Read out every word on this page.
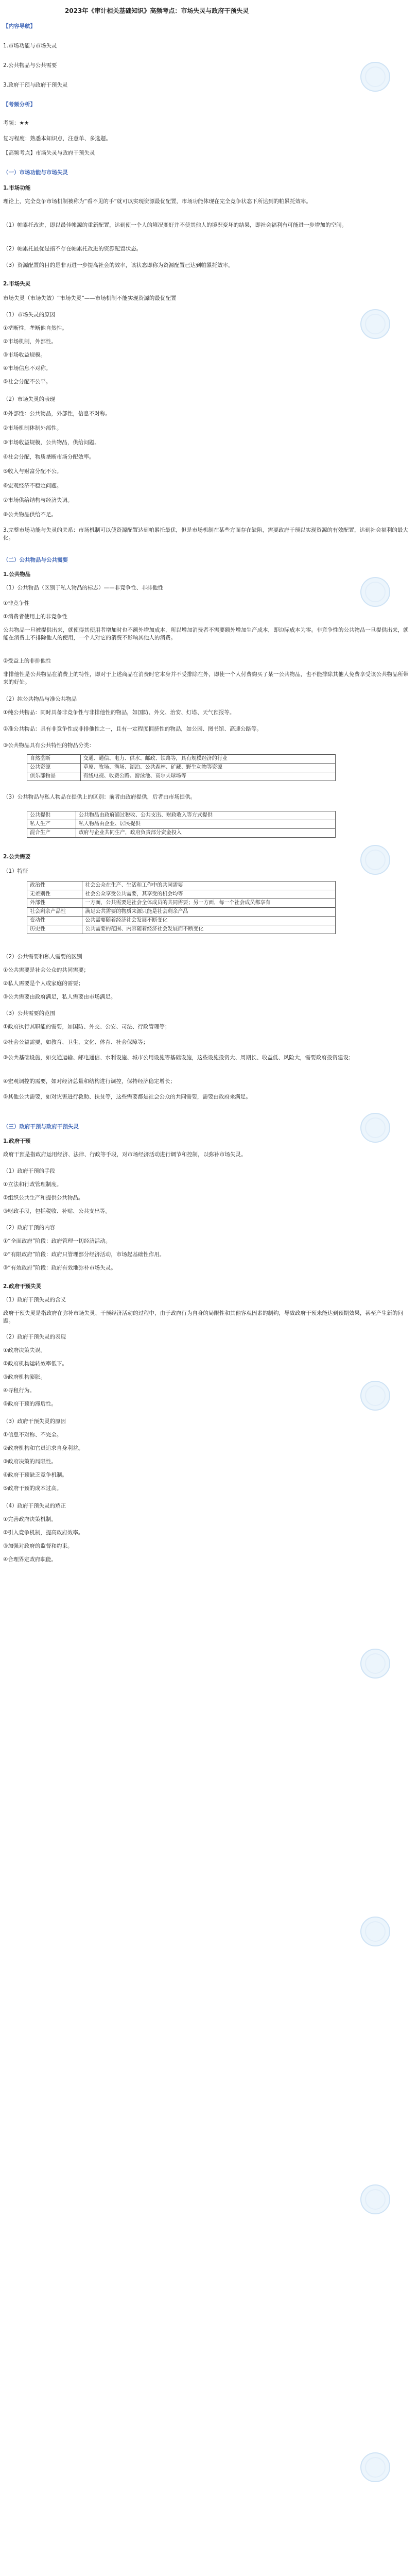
2023年《审计相关基础知识》高频考点：市场失灵与政府干预失灵
【内容导航】
1.市场功能与市场失灵
2.公共物品与公共需要
3.政府干预与政府干预失灵
【考频分析】
考频：★★
复习程度：熟悉本知识点，注意单、多选题。
【高频考点】市场失灵与政府干预失灵
（一）市场功能与市场失灵
1.市场功能
理论上，完全竞争市场机制被称为“看不见的手”就可以实现资源最优配置，市场功能体现在完全竞争状态下所达到的帕累托效率。
（1）帕累托改进，即以最佳帐源的重新配置，达到使一个人的境况变好并不使其他人的境况变坏的结果，即社会福利有可能进一步增加的空间。
（2）帕累托最优是指不存在帕累托改进的资源配置状态。
（3）资源配置的目的是非再进一步提高社会的效率，该状态即称为资源配置已达到帕累托效率。
2.市场失灵
市场失灵（市场失效）“市场失灵”——市场机制不能实现资源的最优配置
（1）市场失灵的原因
①垄断性，垄断他自然性。
②市场机制，外部性。
③市场收益规模。
④市场信息不对称。
⑤社会分配不公平。
（2）市场失灵的表现
①外部性：公共物品，外部性，信息不对称。
②市场机制体制外部性。
③市场收益规模，公共物品，供给问题。
④社会分配，物质垄断市场分配效率。
⑤收入与财富分配不公。
⑥宏观经济不稳定问题。
⑦市场供给结构与经济失调。
⑧公共物品供给不足。
3.完整市场功能与失灵的关系：市场机制可以使资源配置达到帕累托最优，但是市场机制在某些方面存在缺陷，需要政府干预以实现资源的有效配置，达到社会福利的最大化。
（二）公共物品与公共需要
1.公共物品
（1）公共物品（区别于私人物品的标志）——非竞争性、非排他性
①非竞争性
①消费者使用上的非竞争性
公共物品一旦被提供出来，就使得其使用者增加时也不额外增加成本，所以增加消费者不需要额外增加生产成本，即边际成本为零。非竞争性的公共物品一旦提供出来，就能在消费上不排除他人的使用，一个人对它的消费不影响其他人的消费。
②受益上的非排他性
非排他性是公共物品在消费上的特性，即对于上述商品在消费时它本身并不受排除在外，即使一个人付费购买了某一公共物品，也不能排除其他人免费享受该公共物品所带来的好处。
（2）纯公共物品与准公共物品
①纯公共物品：同时具备非竞争性与非排他性的物品，如国防、外交、治安、灯塔、天气预报等。
②准公共物品：具有非竞争性或非排他性之一，且有一定程度拥挤性的物品，如公园、图书馆、高速公路等。
③公共物品具有公共特性的物品分类：
自然垄断	交通、通信、电力、供水、邮政、铁路等，具有规模经济的行业
公共资源	草原、牧场、渔场、湖泊、公共森林、矿藏、野生动物等资源
俱乐部物品	有线电视、收费公路、游泳池、高尔夫球场等
（3）公共物品与私人物品在提供上的区别：前者由政府提供，后者由市场提供。
公共提供	公共物品由政府通过税收、公共支出、财政收入等方式提供
私人生产	私人物品由企业、居民提供
混合生产	政府与企业共同生产，政府负责部分资金投入
2.公共需要
（1）特征
政治性	社会公众在生产、生活和工作中的共同需要
无差别性	社会公众享受公共需要，其享受的机会均等
外部性	一方面，公共需要是社会全体成员的共同需要；另一方面，每一个社会成员都享有
社会剩余产品性	满足公共需要的物质来源只能是社会剩余产品
变动性	公共需要随着经济社会发展不断变化
历史性	公共需要的范围、内容随着经济社会发展而不断变化
（2）公共需要和私人需要的区别
①公共需要是社会公众的共同需要；
②私人需要是个人或家庭的需要；
③公共需要由政府满足，私人需要由市场满足。
（3）公共需要的范围
①政府执行其职能的需要，如国防、外交、公安、司法、行政管理等；
②社会公益需要，如教育、卫生、文化、体育、社会保障等；
③公共基础设施，如交通运输、邮电通信、水利设施、城市公用设施等基础设施，这些设施投资大、周期长、收益低、风险大，需要政府投资建设；
④宏观调控的需要，如对经济总量和结构进行调控，保持经济稳定增长；
⑤其他公共需要，如对灾害进行救助、扶贫等，这些需要都是社会公众的共同需要，需要由政府来满足。
（三）政府干预与政府干预失灵
1.政府干预
政府干预是指政府运用经济、法律、行政等手段，对市场经济活动进行调节和控制，以弥补市场失灵。
（1）政府干预的手段
①立法和行政管理制度。
②组织公共生产和提供公共物品。
③财政手段，包括税收、补贴、公共支出等。
（2）政府干预的内容
①“全面政府”阶段：政府管理一切经济活动。
②“有限政府”阶段：政府只管理部分经济活动，市场起基础性作用。
③“有效政府”阶段：政府有效地弥补市场失灵。
2.政府干预失灵
（1）政府干预失灵的含义
政府干预失灵是指政府在弥补市场失灵、干预经济活动的过程中，由于政府行为自身的局限性和其他客观因素的制约，导致政府干预未能达到预期效果，甚至产生新的问题。
（2）政府干预失灵的表现
①政府决策失误。
②政府机构运转效率低下。
③政府机构膨胀。
④寻租行为。
⑤政府干预的滞后性。
（3）政府干预失灵的原因
①信息不对称、不完全。
②政府机构和官员追求自身利益。
③政府决策的局限性。
④政府干预缺乏竞争机制。
⑤政府干预的成本过高。
（4）政府干预失灵的矫正
①完善政府决策机制。
②引入竞争机制，提高政府效率。
③加强对政府的监督和约束。
④合理界定政府职能。
